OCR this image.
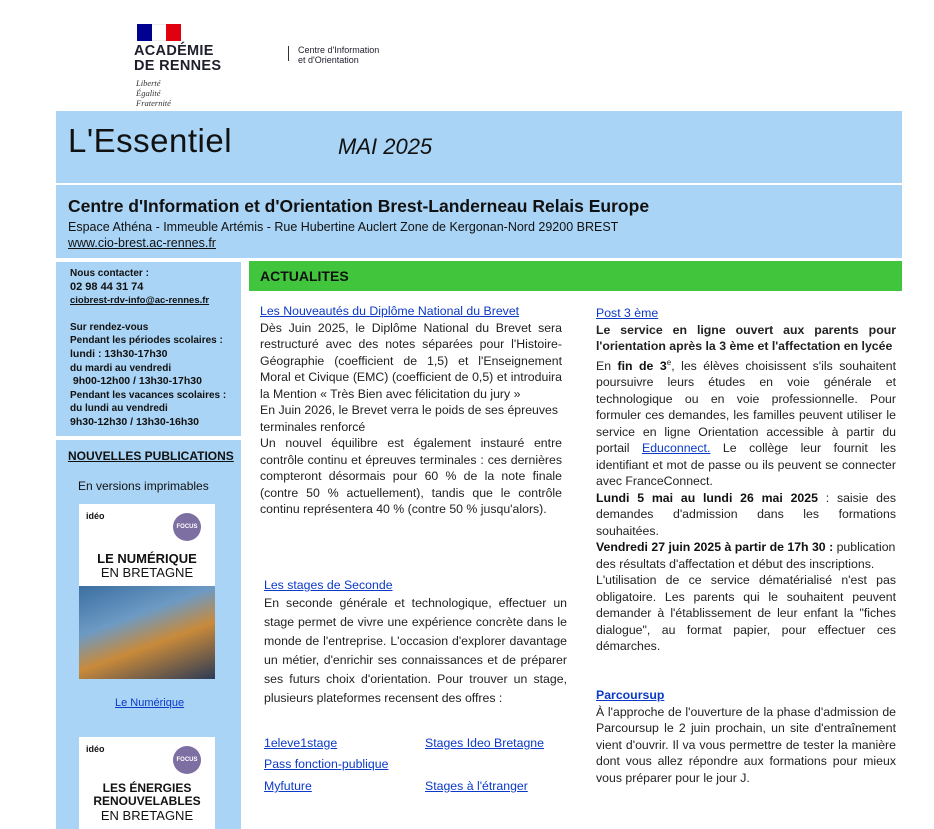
ACADÉMIE
DE RENNES
Liberté
Égalité
Fraternité
Centre d'Information
et d'Orientation
L'Essentiel	MAI 2025
Centre d'Information et d'Orientation Brest-Landerneau Relais Europe
Espace Athéna - Immeuble Artémis - Rue Hubertine Auclert Zone de Kergonan-Nord 29200 BREST
www.cio-brest.ac-rennes.fr
Nous contacter :
02 98 44 31 74
ciobrest-rdv-info@ac-rennes.fr
Sur rendez-vous
Pendant les périodes scolaires :
lundi : 13h30-17h30
du mardi au vendredi
9h00-12h00 / 13h30-17h30
Pendant les vacances scolaires :
du lundi au vendredi
9h30-12h30 / 13h30-16h30
NOUVELLES PUBLICATIONS
En versions imprimables
idéo
FOCUS
LE NUMÉRIQUE
EN BRETAGNE
Le Numérique
idéo
FOCUS
LES ÉNERGIES
RENOUVELABLES
EN BRETAGNE
ACTUALITES
Les Nouveautés du Diplôme National du Brevet
Dès Juin 2025, le Diplôme National du Brevet sera restructuré avec des notes séparées pour l'Histoire-Géographie (coefficient de 1,5) et l'Enseignement Moral et Civique (EMC) (coefficient de 0,5) et introduira la Mention « Très Bien avec félicitation du jury »
En Juin 2026, le Brevet verra le poids de ses épreuves terminales renforcé
Un nouvel équilibre est également instauré entre contrôle continu et épreuves terminales : ces dernières compteront désormais pour 60 % de la note finale (contre 50 % actuellement), tandis que le contrôle continu représentera 40 % (contre 50 % jusqu'alors).
Les stages de Seconde
En seconde générale et technologique, effectuer un stage permet de vivre une expérience concrète dans le monde de l'entreprise. L'occasion d'explorer davantage un métier, d'enrichir ses connaissances et de préparer ses futurs choix d'orientation. Pour trouver un stage, plusieurs plateformes recensent des offres :
1eleve1stage	Stages Ideo Bretagne
Pass fonction-publique
Myfuture	Stages à l'étranger
Post 3 ème
Le service en ligne ouvert aux parents pour l'orientation après la 3 ème et l'affectation en lycée
En fin de 3e, les élèves choisissent s'ils souhaitent poursuivre leurs études en voie générale et technologique ou en voie professionnelle. Pour formuler ces demandes, les familles peuvent utiliser le service en ligne Orientation accessible à partir du portail Educonnect. Le collège leur fournit les identifiant et mot de passe ou ils peuvent se connecter avec FranceConnect.
Lundi 5 mai au lundi 26 mai 2025 : saisie des demandes d'admission dans les formations souhaitées.
Vendredi 27 juin 2025 à partir de 17h 30 : publication des résultats d'affectation et début des inscriptions.
L'utilisation de ce service dématérialisé n'est pas obligatoire. Les parents qui le souhaitent peuvent demander à l'établissement de leur enfant la "fiches dialogue", au format papier, pour effectuer ces démarches.
Parcoursup
À l'approche de l'ouverture de la phase d'admission de Parcoursup le 2 juin prochain, un site d'entraînement vient d'ouvrir. Il va vous permettre de tester la manière dont vous allez répondre aux formations pour mieux vous préparer pour le jour J.
